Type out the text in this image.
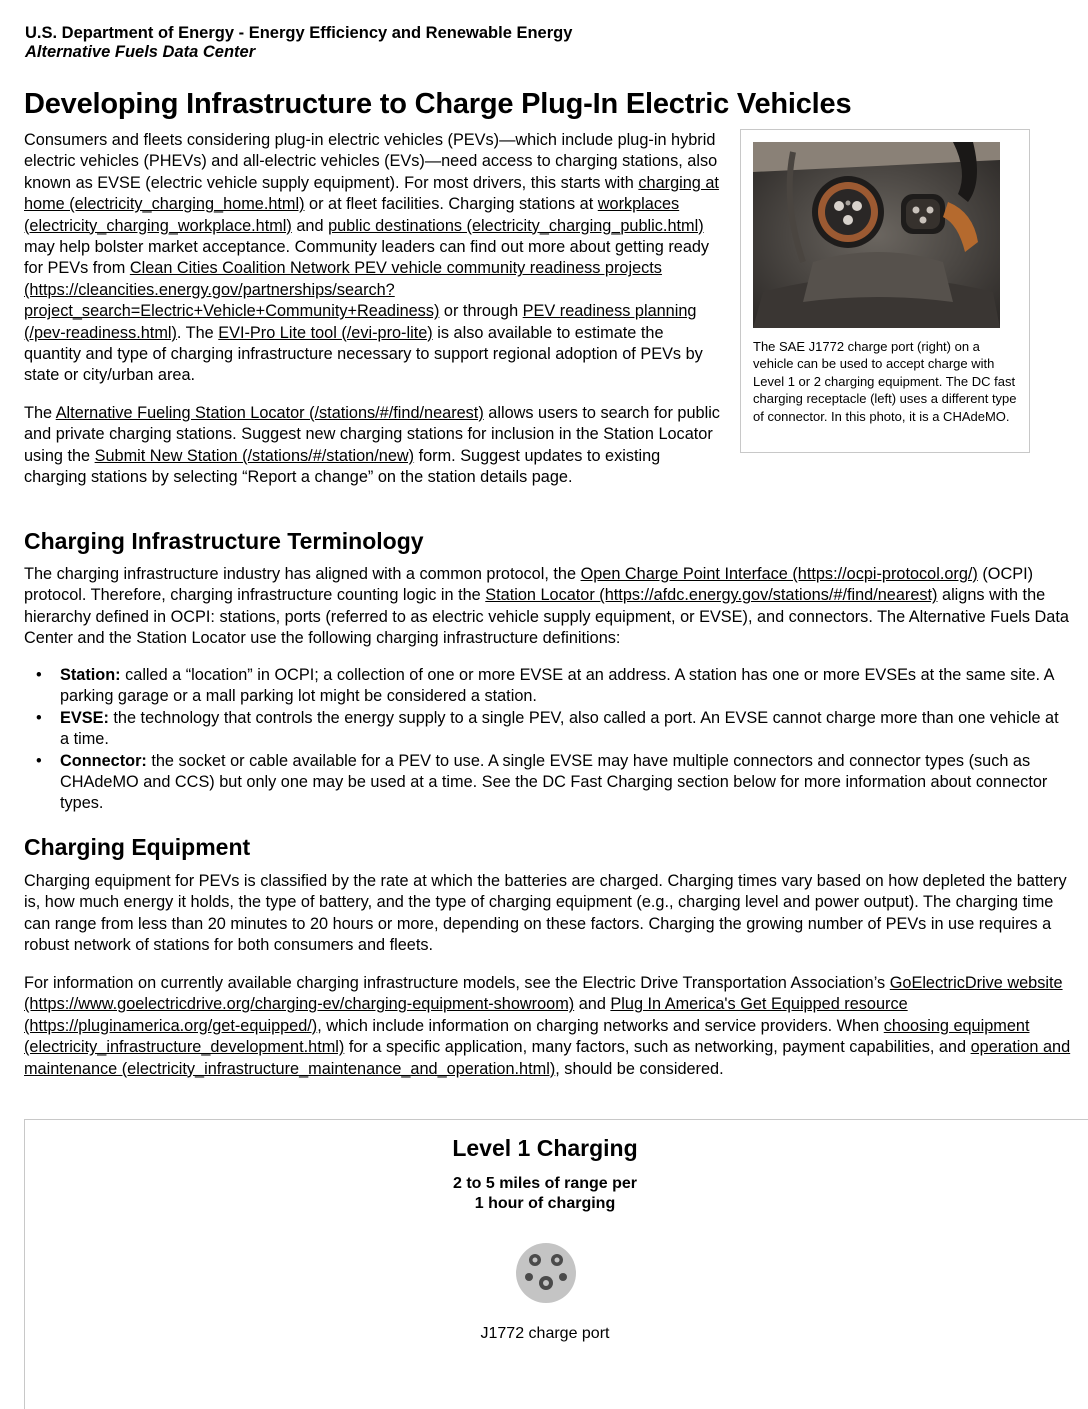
U.S. Department of Energy - Energy Efficiency and Renewable Energy
Alternative Fuels Data Center
Developing Infrastructure to Charge Plug-In Electric Vehicles

Consumers and fleets considering plug-in electric vehicles (PEVs)—which include plug-in hybrid electric vehicles (PHEVs) and all-electric vehicles (EVs)—need access to charging stations, also known as EVSE (electric vehicle supply equipment). For most drivers, this starts with charging at home (electricity_charging_home.html) or at fleet facilities. Charging stations at workplaces (electricity_charging_workplace.html) and public destinations (electricity_charging_public.html) may help bolster market acceptance. Community leaders can find out more about getting ready for PEVs from Clean Cities Coalition Network PEV vehicle community readiness projects (https://cleancities.energy.gov/partnerships/search?project_search=Electric+Vehicle+Community+Readiness) or through PEV readiness planning (/pev-readiness.html). The EVI-Pro Lite tool (/evi-pro-lite) is also available to estimate the quantity and type of charging infrastructure necessary to support regional adoption of PEVs by state or city/urban area.

The Alternative Fueling Station Locator (/stations/#/find/nearest) allows users to search for public and private charging stations. Suggest new charging stations for inclusion in the Station Locator using the Submit New Station (/stations/#/station/new) form. Suggest updates to existing charging stations by selecting “Report a change” on the station details page.

The SAE J1772 charge port (right) on a vehicle can be used to accept charge with Level 1 or 2 charging equipment. The DC fast charging receptacle (left) uses a different type of connector. In this photo, it is a CHAdeMO.

Charging Infrastructure Terminology

The charging infrastructure industry has aligned with a common protocol, the Open Charge Point Interface (https://ocpi-protocol.org/) (OCPI) protocol. Therefore, charging infrastructure counting logic in the Station Locator (https://afdc.energy.gov/stations/#/find/nearest) aligns with the hierarchy defined in OCPI: stations, ports (referred to as electric vehicle supply equipment, or EVSE), and connectors. The Alternative Fuels Data Center and the Station Locator use the following charging infrastructure definitions:

• Station: called a “location” in OCPI; a collection of one or more EVSE at an address. A station has one or more EVSEs at the same site. A parking garage or a mall parking lot might be considered a station.
• EVSE: the technology that controls the energy supply to a single PEV, also called a port. An EVSE cannot charge more than one vehicle at a time.
• Connector: the socket or cable available for a PEV to use. A single EVSE may have multiple connectors and connector types (such as CHAdeMO and CCS) but only one may be used at a time. See the DC Fast Charging section below for more information about connector types.
Charging Equipment

Charging equipment for PEVs is classified by the rate at which the batteries are charged. Charging times vary based on how depleted the battery is, how much energy it holds, the type of battery, and the type of charging equipment (e.g., charging level and power output). The charging time can range from less than 20 minutes to 20 hours or more, depending on these factors. Charging the growing number of PEVs in use requires a robust network of stations for both consumers and fleets.

For information on currently available charging infrastructure models, see the Electric Drive Transportation Association’s GoElectricDrive website (https://www.goelectricdrive.org/charging-ev/charging-equipment-showroom) and Plug In America's Get Equipped resource (https://pluginamerica.org/get-equipped/), which include information on charging networks and service providers. When choosing equipment (electricity_infrastructure_development.html) for a specific application, many factors, such as networking, payment capabilities, and operation and maintenance (electricity_infrastructure_maintenance_and_operation.html), should be considered.

Level 1 Charging
2 to 5 miles of range per
1 hour of charging

J1772 charge port
